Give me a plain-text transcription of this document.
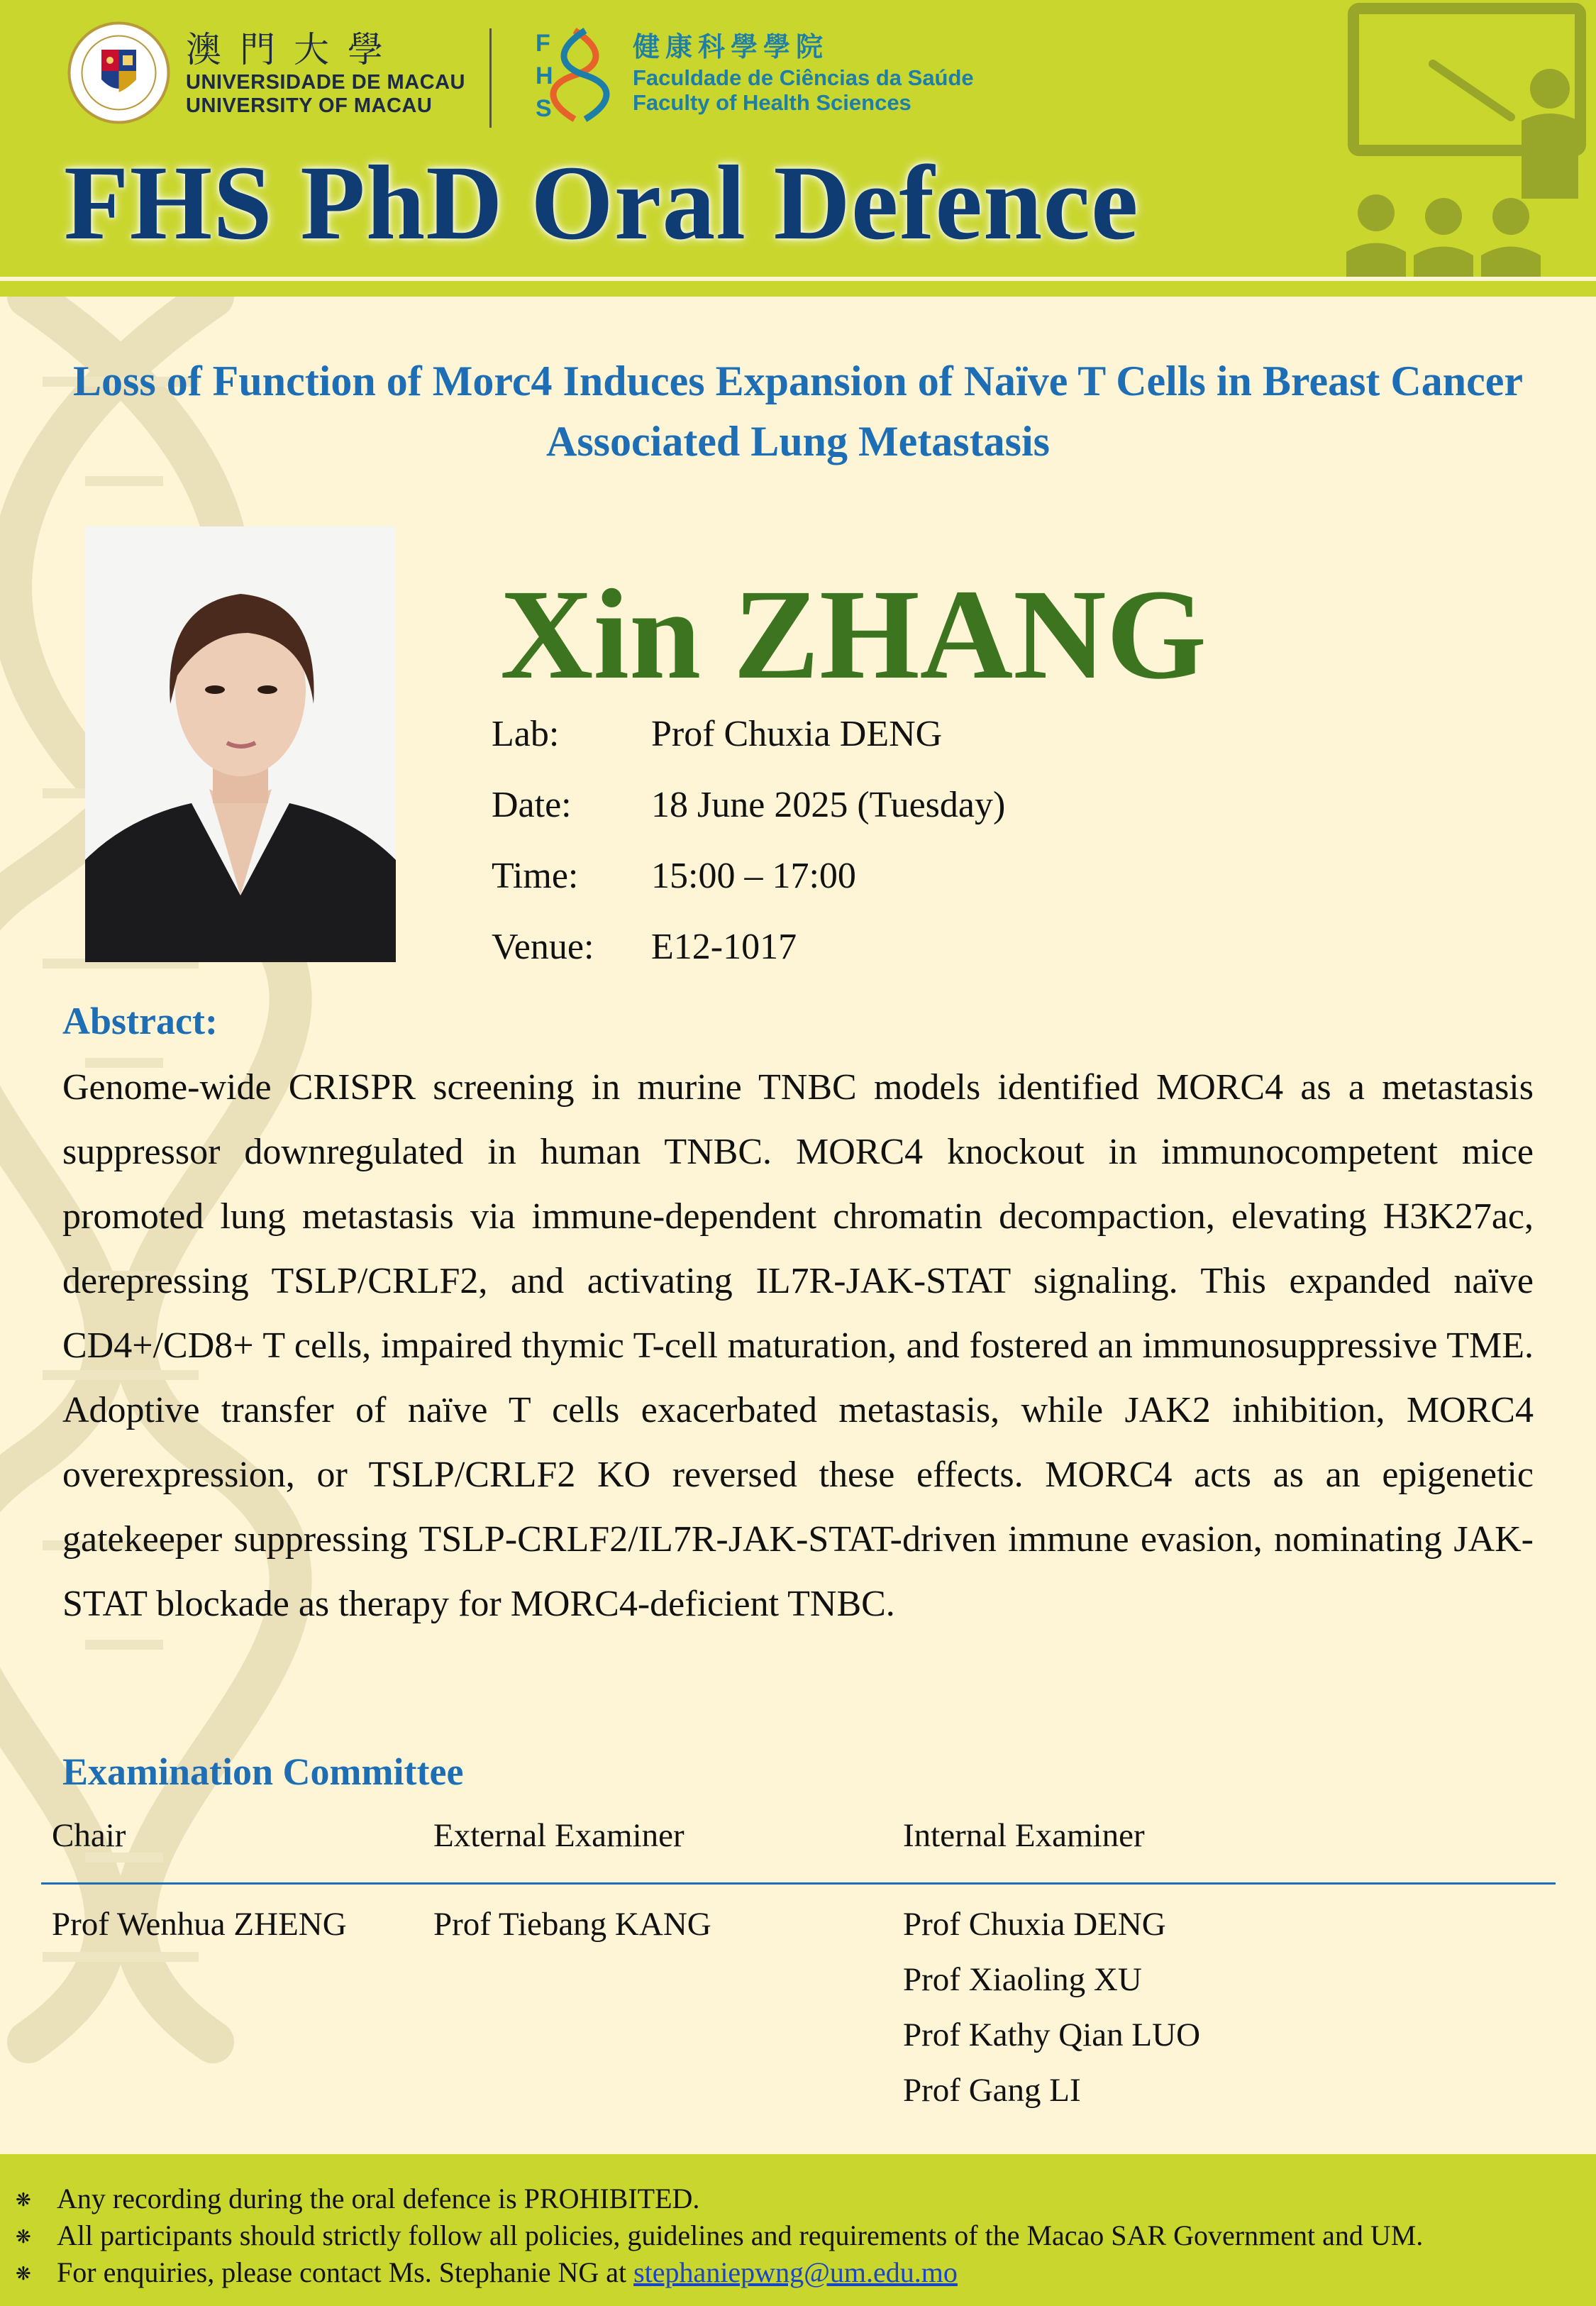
澳門大學
UNIVERSIDADE DE MACAU
UNIVERSITY OF MACAU
F
H
S
健康科學學院
Faculdade de Ciências da Saúde
Faculty of Health Sciences
FHS PhD Oral Defence
Loss of Function of Morc4 Induces Expansion of Naïve T Cells in Breast Cancer Associated Lung Metastasis
Xin ZHANG
Lab: Prof Chuxia DENG
Date: 18 June 2025 (Tuesday)
Time: 15:00 – 17:00
Venue: E12-1017
Abstract:
Genome-wide CRISPR screening in murine TNBC models identified MORC4 as a metastasis suppressor downregulated in human TNBC. MORC4 knockout in immunocompetent mice promoted lung metastasis via immune-dependent chromatin decompaction, elevating H3K27ac, derepressing TSLP/CRLF2, and activating IL7R-JAK-STAT signaling. This expanded naïve CD4+/CD8+ T cells, impaired thymic T-cell maturation, and fostered an immunosuppressive TME. Adoptive transfer of naïve T cells exacerbated metastasis, while JAK2 inhibition, MORC4 overexpression, or TSLP/CRLF2 KO reversed these effects. MORC4 acts as an epigenetic gatekeeper suppressing TSLP-CRLF2/IL7R-JAK-STAT-driven immune evasion, nominating JAK-STAT blockade as therapy for MORC4-deficient TNBC.
Examination Committee
Chair	External Examiner	Internal Examiner
Prof Wenhua ZHENG	Prof Tiebang KANG	Prof Chuxia DENG
Prof Xiaoling XU
Prof Kathy Qian LUO
Prof Gang LI
❋ Any recording during the oral defence is PROHIBITED.
❋ All participants should strictly follow all policies, guidelines and requirements of the Macao SAR Government and UM.
❋ For enquiries, please contact Ms. Stephanie NG at stephaniepwng@um.edu.mo
